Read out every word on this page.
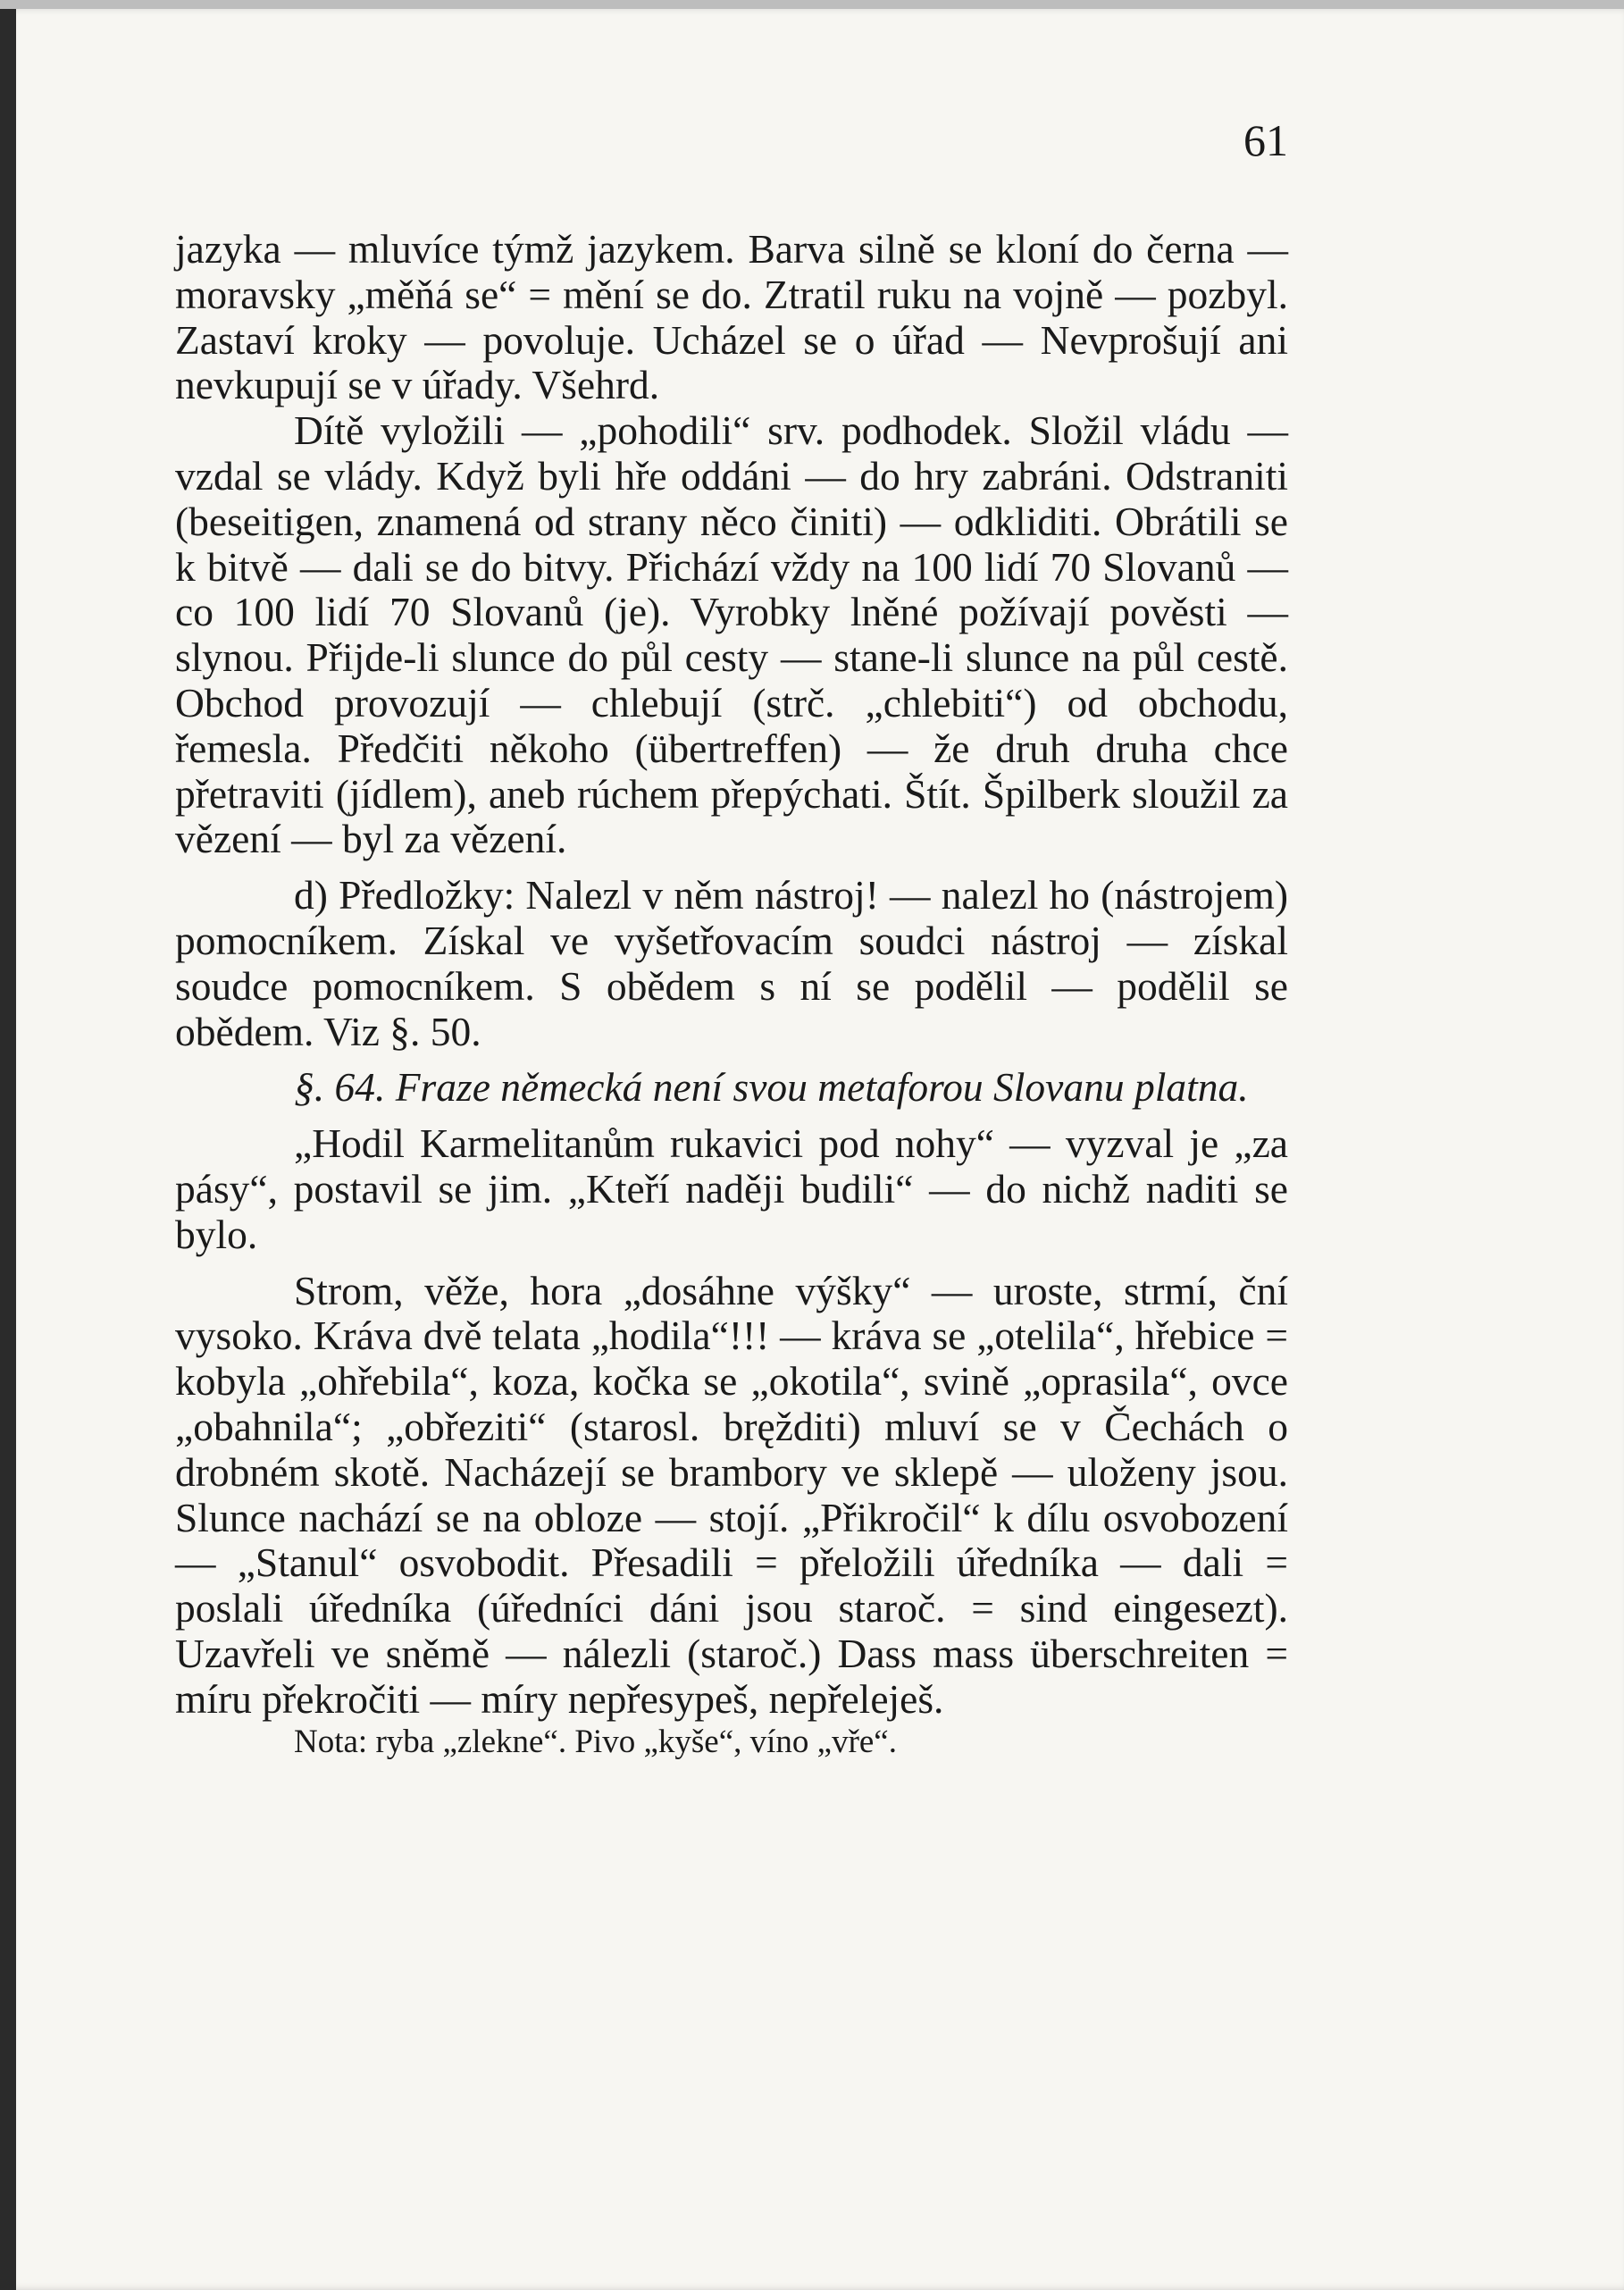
61

jazyka — mluvíce týmž jazykem. Barva silně se kloní do černa — moravsky „měňá se“ = mění se do. Ztratil ruku na vojně — pozbyl. Zastaví kroky — povoluje. Ucházel se o úřad — Nevprošují ani nevkupují se v úřady. Všehrd.

Dítě vyložili — „pohodili“ srv. podhodek. Složil vládu — vzdal se vlády. Když byli hře oddáni — do hry zabráni. Odstraniti (beseitigen, znamená od strany něco činiti) — odkliditi. Obrátili se k bitvě — dali se do bitvy. Přichází vždy na 100 lidí 70 Slovanů — co 100 lidí 70 Slovanů (je). Vyrobky lněné požívají pověsti — slynou. Přijde-li slunce do půl cesty — stane-li slunce na půl cestě. Obchod provozují — chlebují (strč. „chlebiti“) od obchodu, řemesla. Předčiti někoho (übertreffen) — že druh druha chce přetraviti (jídlem), aneb rúchem přepýchati. Štít. Špilberk sloužil za vězení — byl za vězení.

d) Předložky: Nalezl v něm nástroj! — nalezl ho (nástrojem) pomocníkem. Získal ve vyšetřovacím soudci nástroj — získal soudce pomocníkem. S obědem s ní se podělil — podělil se obědem. Viz §. 50.

§. 64. Fraze německá není svou metaforou Slovanu platna.

„Hodil Karmelitanům rukavici pod nohy“ — vyzval je „za pásy“, postavil se jim. „Kteří naději budili“ — do nichž naditi se bylo.

Strom, věže, hora „dosáhne výšky“ — uroste, strmí, ční vysoko. Kráva dvě telata „hodila“!!! — kráva se „otelila“, hřebice = kobyla „ohřebila“, koza, kočka se „okotila“, svině „oprasila“, ovce „obahnila“; „obřeziti“ (starosl. bręžditi) mluví se v Čechách o drobném skotě. Nacházejí se brambory ve sklepě — uloženy jsou. Slunce nachází se na obloze — stojí. „Přikročil“ k dílu osvobození — „Stanul“ osvobodit. Přesadili = přeložili úředníka — dali = poslali úředníka (úředníci dáni jsou staroč. = sind eingesezt). Uzavřeli ve sněmě — nálezli (staroč.) Dass mass überschreiten = míru překročiti — míry nepřesypeš, nepřeleješ.

Nota: ryba „zlekne“. Pivo „kyše“, víno „vře“.
